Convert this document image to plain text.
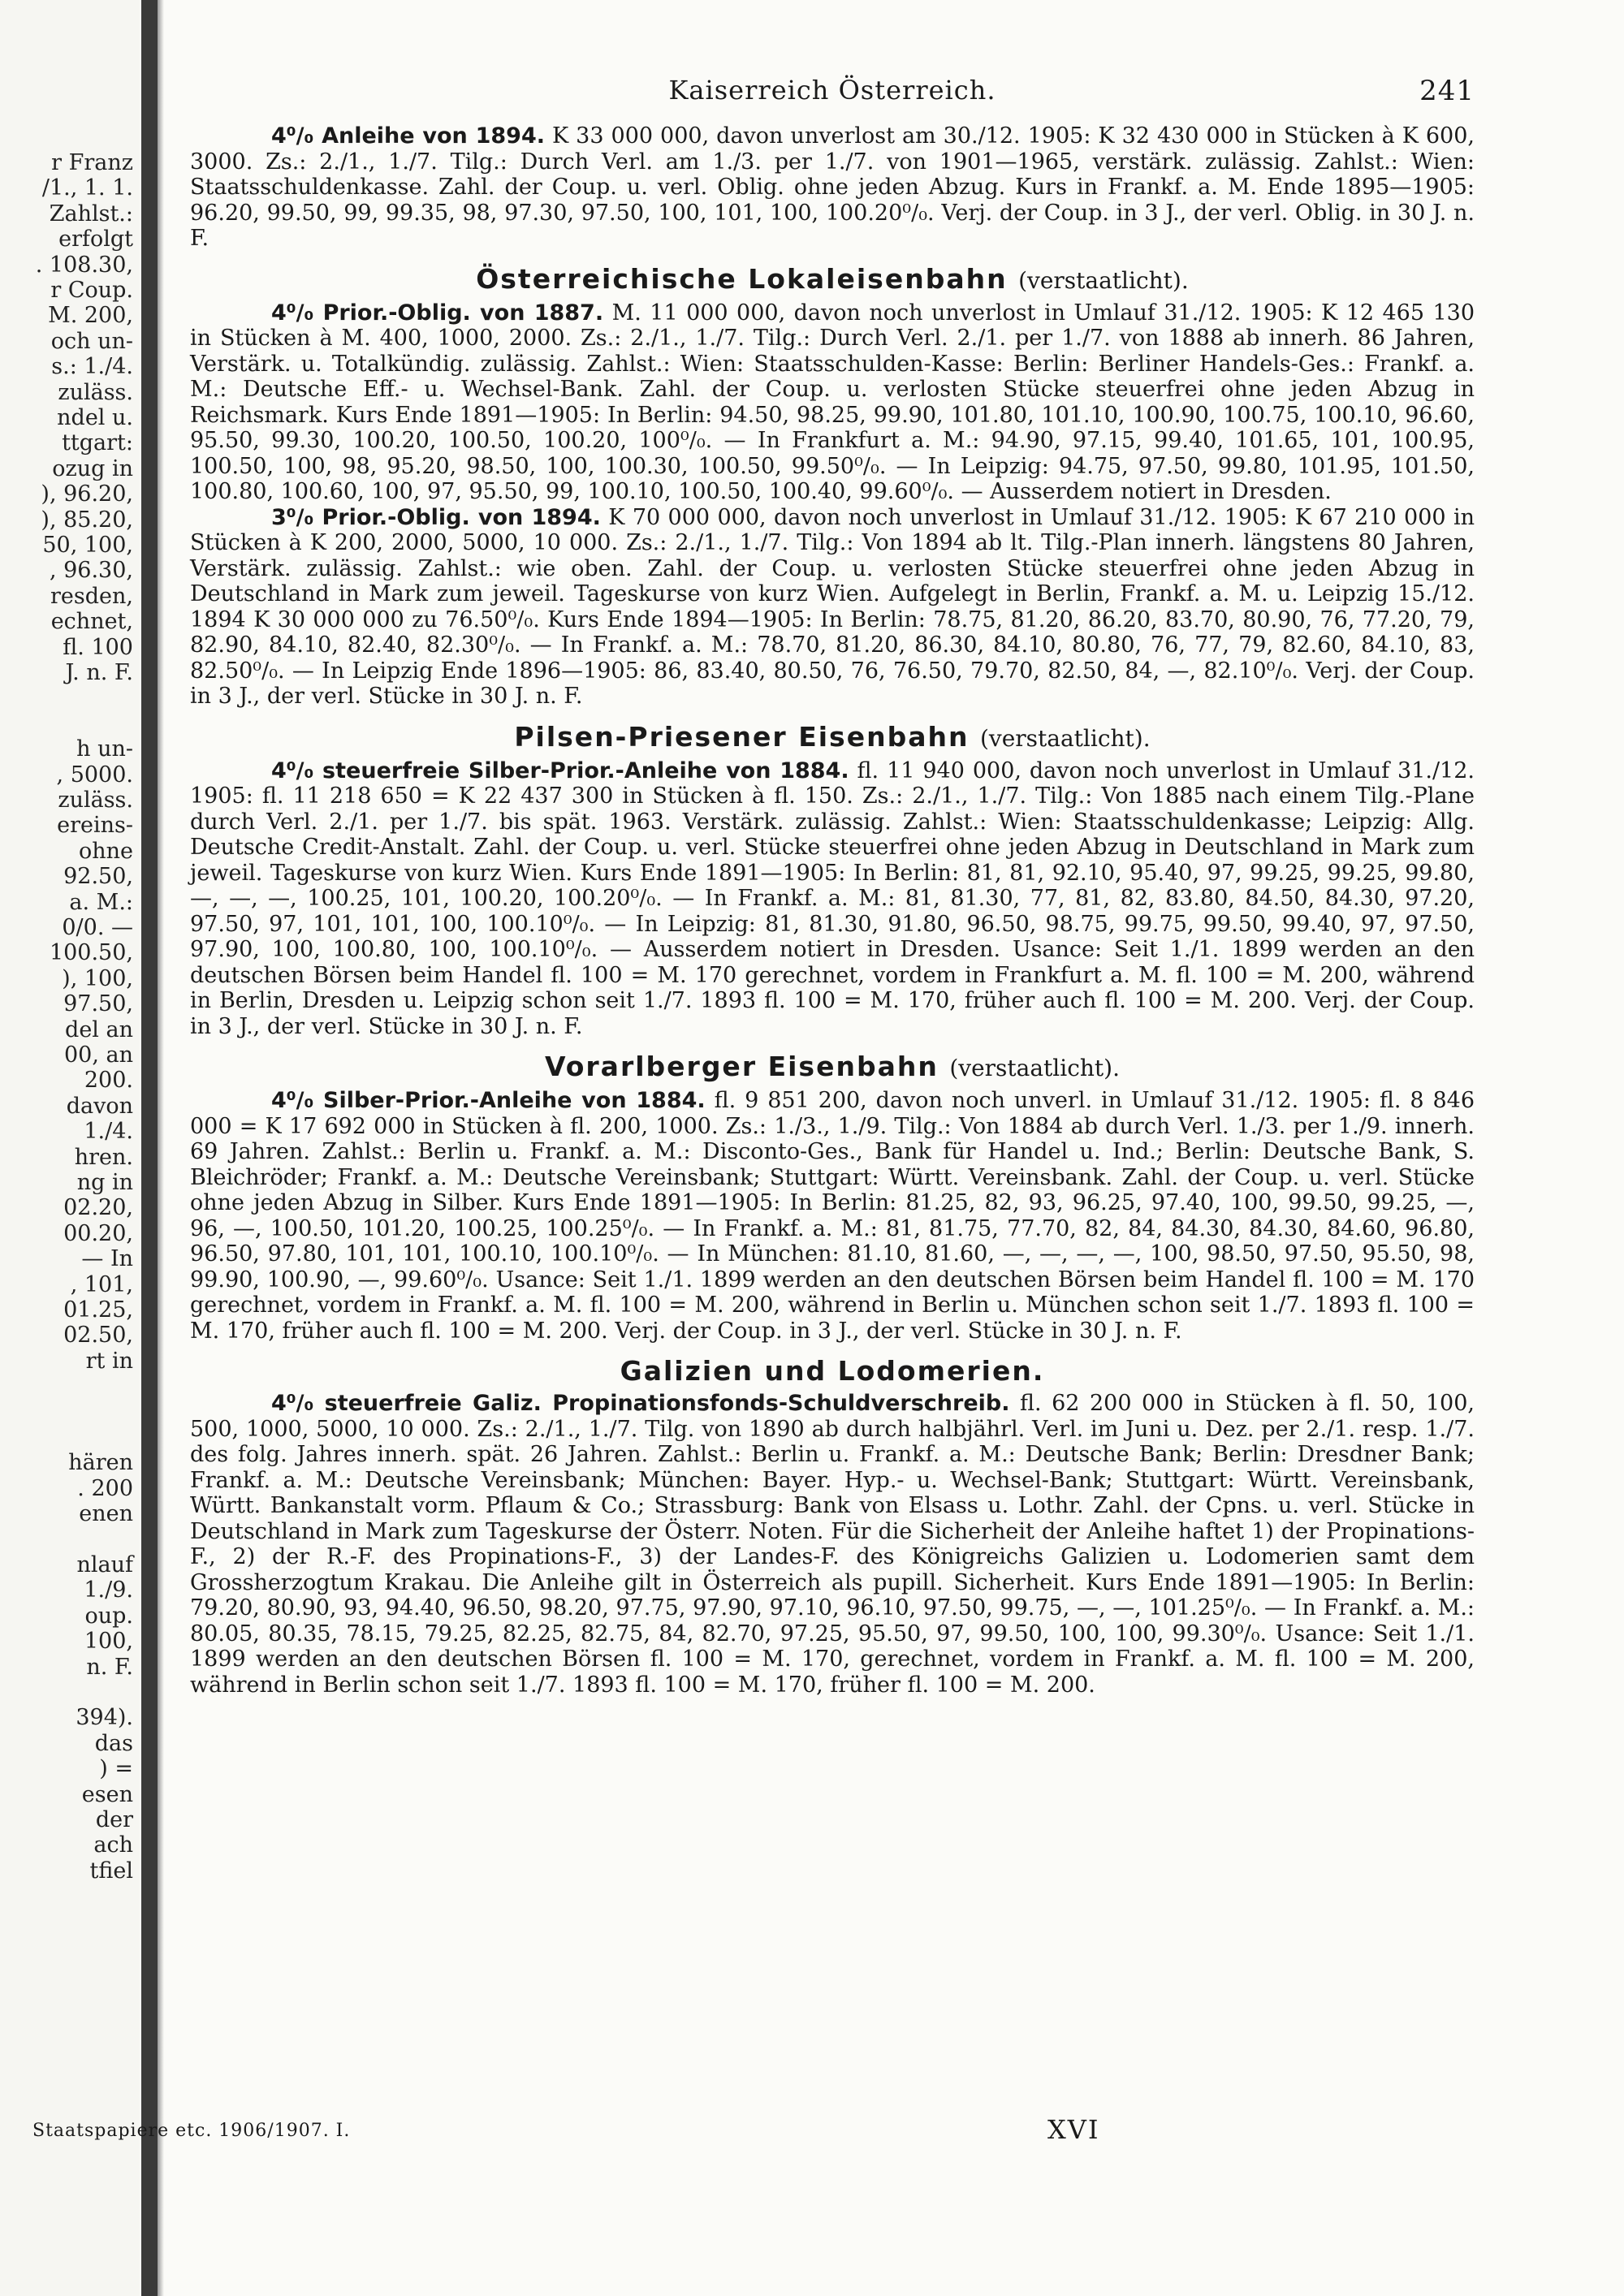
r Franz
/1., 1. 1.
Zahlst.:
erfolgt
. 108.30,
r Coup.
M. 200,
och un-
s.: 1./4.
zuläss.
ndel u.
ttgart:
ozug in
), 96.20,
), 85.20,
50, 100,
, 96.30,
resden,
echnet,
fl. 100
J. n. F.
h un-
, 5000.
zuläss.
ereins-
ohne
92.50,
a. M.:
0/0. —
100.50,
), 100,
97.50,
del an
00, an
200.
davon
1./4.
hren.
ng in
02.20,
00.20,
— In
, 101,
01.25,
02.50,
rt in
hären
. 200
enen
nlauf
1./9.
oup.
100,
n. F.
394).
das
) =
esen
der
ach
tfiel
Kaiserreich Österreich.	241

4⁰/₀ Anleihe von 1894. K 33 000 000, davon unverlost am 30./12. 1905: K 32 430 000 in Stücken à K 600, 3000. Zs.: 2./1., 1./7. Tilg.: Durch Verl. am 1./3. per 1./7. von 1901—1965, verstärk. zulässig. Zahlst.: Wien: Staatsschuldenkasse. Zahl. der Coup. u. verl. Oblig. ohne jeden Abzug. Kurs in Frankf. a. M. Ende 1895—1905: 96.20, 99.50, 99, 99.35, 98, 97.30, 97.50, 100, 101, 100, 100.20⁰/₀. Verj. der Coup. in 3 J., der verl. Oblig. in 30 J. n. F.

Österreichische Lokaleisenbahn (verstaatlicht).

4⁰/₀ Prior.-Oblig. von 1887. M. 11 000 000, davon noch unverlost in Umlauf 31./12. 1905: K 12 465 130 in Stücken à M. 400, 1000, 2000. Zs.: 2./1., 1./7. Tilg.: Durch Verl. 2./1. per 1./7. von 1888 ab innerh. 86 Jahren, Verstärk. u. Totalkündig. zulässig. Zahlst.: Wien: Staatsschulden-Kasse: Berlin: Berliner Handels-Ges.: Frankf. a. M.: Deutsche Eff.- u. Wechsel-Bank. Zahl. der Coup. u. verlosten Stücke steuerfrei ohne jeden Abzug in Reichsmark. Kurs Ende 1891—1905: In Berlin: 94.50, 98.25, 99.90, 101.80, 101.10, 100.90, 100.75, 100.10, 96.60, 95.50, 99.30, 100.20, 100.50, 100.20, 100⁰/₀. — In Frankfurt a. M.: 94.90, 97.15, 99.40, 101.65, 101, 100.95, 100.50, 100, 98, 95.20, 98.50, 100, 100.30, 100.50, 99.50⁰/₀. — In Leipzig: 94.75, 97.50, 99.80, 101.95, 101.50, 100.80, 100.60, 100, 97, 95.50, 99, 100.10, 100.50, 100.40, 99.60⁰/₀. — Ausserdem notiert in Dresden.

3⁰/₀ Prior.-Oblig. von 1894. K 70 000 000, davon noch unverlost in Umlauf 31./12. 1905: K 67 210 000 in Stücken à K 200, 2000, 5000, 10 000. Zs.: 2./1., 1./7. Tilg.: Von 1894 ab lt. Tilg.-Plan innerh. längstens 80 Jahren, Verstärk. zulässig. Zahlst.: wie oben. Zahl. der Coup. u. verlosten Stücke steuerfrei ohne jeden Abzug in Deutschland in Mark zum jeweil. Tageskurse von kurz Wien. Aufgelegt in Berlin, Frankf. a. M. u. Leipzig 15./12. 1894 K 30 000 000 zu 76.50⁰/₀. Kurs Ende 1894—1905: In Berlin: 78.75, 81.20, 86.20, 83.70, 80.90, 76, 77.20, 79, 82.90, 84.10, 82.40, 82.30⁰/₀. — In Frankf. a. M.: 78.70, 81.20, 86.30, 84.10, 80.80, 76, 77, 79, 82.60, 84.10, 83, 82.50⁰/₀. — In Leipzig Ende 1896—1905: 86, 83.40, 80.50, 76, 76.50, 79.70, 82.50, 84, —, 82.10⁰/₀. Verj. der Coup. in 3 J., der verl. Stücke in 30 J. n. F.

Pilsen-Priesener Eisenbahn (verstaatlicht).

4⁰/₀ steuerfreie Silber-Prior.-Anleihe von 1884. fl. 11 940 000, davon noch unverlost in Umlauf 31./12. 1905: fl. 11 218 650 = K 22 437 300 in Stücken à fl. 150. Zs.: 2./1., 1./7. Tilg.: Von 1885 nach einem Tilg.-Plane durch Verl. 2./1. per 1./7. bis spät. 1963. Verstärk. zulässig. Zahlst.: Wien: Staatsschuldenkasse; Leipzig: Allg. Deutsche Credit-Anstalt. Zahl. der Coup. u. verl. Stücke steuerfrei ohne jeden Abzug in Deutschland in Mark zum jeweil. Tageskurse von kurz Wien. Kurs Ende 1891—1905: In Berlin: 81, 81, 92.10, 95.40, 97, 99.25, 99.25, 99.80, —, —, —, 100.25, 101, 100.20, 100.20⁰/₀. — In Frankf. a. M.: 81, 81.30, 77, 81, 82, 83.80, 84.50, 84.30, 97.20, 97.50, 97, 101, 101, 100, 100.10⁰/₀. — In Leipzig: 81, 81.30, 91.80, 96.50, 98.75, 99.75, 99.50, 99.40, 97, 97.50, 97.90, 100, 100.80, 100, 100.10⁰/₀. — Ausserdem notiert in Dresden. Usance: Seit 1./1. 1899 werden an den deutschen Börsen beim Handel fl. 100 = M. 170 gerechnet, vordem in Frankfurt a. M. fl. 100 = M. 200, während in Berlin, Dresden u. Leipzig schon seit 1./7. 1893 fl. 100 = M. 170, früher auch fl. 100 = M. 200. Verj. der Coup. in 3 J., der verl. Stücke in 30 J. n. F.

Vorarlberger Eisenbahn (verstaatlicht).

4⁰/₀ Silber-Prior.-Anleihe von 1884. fl. 9 851 200, davon noch unverl. in Umlauf 31./12. 1905: fl. 8 846 000 = K 17 692 000 in Stücken à fl. 200, 1000. Zs.: 1./3., 1./9. Tilg.: Von 1884 ab durch Verl. 1./3. per 1./9. innerh. 69 Jahren. Zahlst.: Berlin u. Frankf. a. M.: Disconto-Ges., Bank für Handel u. Ind.; Berlin: Deutsche Bank, S. Bleichröder; Frankf. a. M.: Deutsche Vereinsbank; Stuttgart: Württ. Vereinsbank. Zahl. der Coup. u. verl. Stücke ohne jeden Abzug in Silber. Kurs Ende 1891—1905: In Berlin: 81.25, 82, 93, 96.25, 97.40, 100, 99.50, 99.25, —, 96, —, 100.50, 101.20, 100.25, 100.25⁰/₀. — In Frankf. a. M.: 81, 81.75, 77.70, 82, 84, 84.30, 84.30, 84.60, 96.80, 96.50, 97.80, 101, 101, 100.10, 100.10⁰/₀. — In München: 81.10, 81.60, —, —, —, —, 100, 98.50, 97.50, 95.50, 98, 99.90, 100.90, —, 99.60⁰/₀. Usance: Seit 1./1. 1899 werden an den deutschen Börsen beim Handel fl. 100 = M. 170 gerechnet, vordem in Frankf. a. M. fl. 100 = M. 200, während in Berlin u. München schon seit 1./7. 1893 fl. 100 = M. 170, früher auch fl. 100 = M. 200. Verj. der Coup. in 3 J., der verl. Stücke in 30 J. n. F.

Galizien und Lodomerien.

4⁰/₀ steuerfreie Galiz. Propinationsfonds-Schuldverschreib. fl. 62 200 000 in Stücken à fl. 50, 100, 500, 1000, 5000, 10 000. Zs.: 2./1., 1./7. Tilg. von 1890 ab durch halbjährl. Verl. im Juni u. Dez. per 2./1. resp. 1./7. des folg. Jahres innerh. spät. 26 Jahren. Zahlst.: Berlin u. Frankf. a. M.: Deutsche Bank; Berlin: Dresdner Bank; Frankf. a. M.: Deutsche Vereinsbank; München: Bayer. Hyp.- u. Wechsel-Bank; Stuttgart: Württ. Vereinsbank, Württ. Bankanstalt vorm. Pflaum & Co.; Strassburg: Bank von Elsass u. Lothr. Zahl. der Cpns. u. verl. Stücke in Deutschland in Mark zum Tageskurse der Österr. Noten. Für die Sicherheit der Anleihe haftet 1) der Propinations-F., 2) der R.-F. des Propinations-F., 3) der Landes-F. des Königreichs Galizien u. Lodomerien samt dem Grossherzogtum Krakau. Die Anleihe gilt in Österreich als pupill. Sicherheit. Kurs Ende 1891—1905: In Berlin: 79.20, 80.90, 93, 94.40, 96.50, 98.20, 97.75, 97.90, 97.10, 96.10, 97.50, 99.75, —, —, 101.25⁰/₀. — In Frankf. a. M.: 80.05, 80.35, 78.15, 79.25, 82.25, 82.75, 84, 82.70, 97.25, 95.50, 97, 99.50, 100, 100, 99.30⁰/₀. Usance: Seit 1./1. 1899 werden an den deutschen Börsen fl. 100 = M. 170, gerechnet, vordem in Frankf. a. M. fl. 100 = M. 200, während in Berlin schon seit 1./7. 1893 fl. 100 = M. 170, früher fl. 100 = M. 200.

Staatspapiere etc. 1906/1907. I.	XVI
